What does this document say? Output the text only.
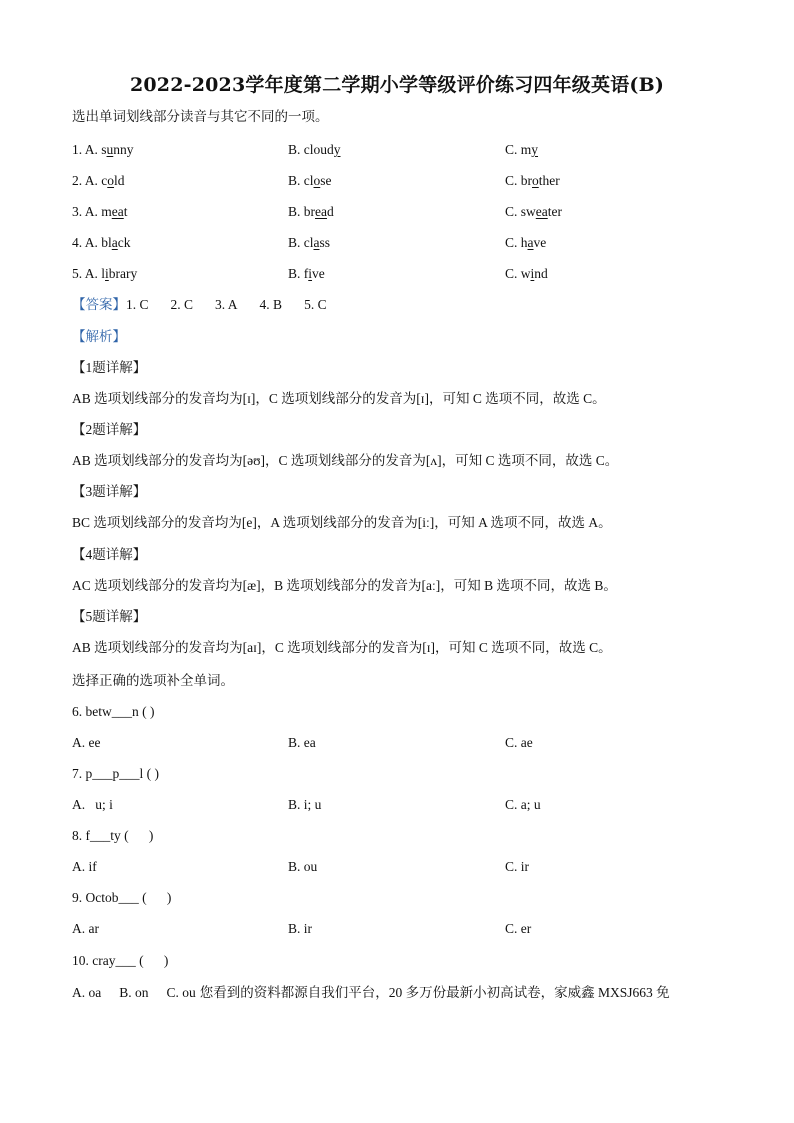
2022-2023学年度第二学期小学等级评价练习四年级英语(B)
选出单词划线部分读音与其它不同的一项。
1. A. sunny	B. cloudy	C. my
2. A. cold	B. close	C. brother
3. A. meat	B. bread	C. sweater
4. A. black	B. class	C. have
5. A. library	B. five	C. wind
【答案】1. C 2. C 3. A 4. B 5. C
【解析】
【1题详解】
AB 选项划线部分的发音均为[ɪ]，C 选项划线部分的发音为[ɪ]，可知 C 选项不同，故选 C。
【2题详解】
AB 选项划线部分的发音均为[əʊ]，C 选项划线部分的发音为[ʌ]，可知 C 选项不同，故选 C。
【3题详解】
BC 选项划线部分的发音均为[e]，A 选项划线部分的发音为[iː]，可知 A 选项不同，故选 A。
【4题详解】
AC 选项划线部分的发音均为[æ]，B 选项划线部分的发音为[aː]，可知 B 选项不同，故选 B。
【5题详解】
AB 选项划线部分的发音均为[aɪ]，C 选项划线部分的发音为[ɪ]，可知 C 选项不同，故选 C。
选择正确的选项补全单词。
6. betw___n ( )
A. ee	B. ea	C. ae
7. p___p___l ( )
A.   u; i	B. i; u	C. a; u
8. f___ty (      )
A. if	B. ou	C. ir
9. Octob___ (      )
A. ar	B. ir	C. er
10. cray___ (      )
A. oa B. on C. ou 您看到的资料都源自我们平台，20 多万份最新小初高试卷，家威鑫 MXSJ663 免
